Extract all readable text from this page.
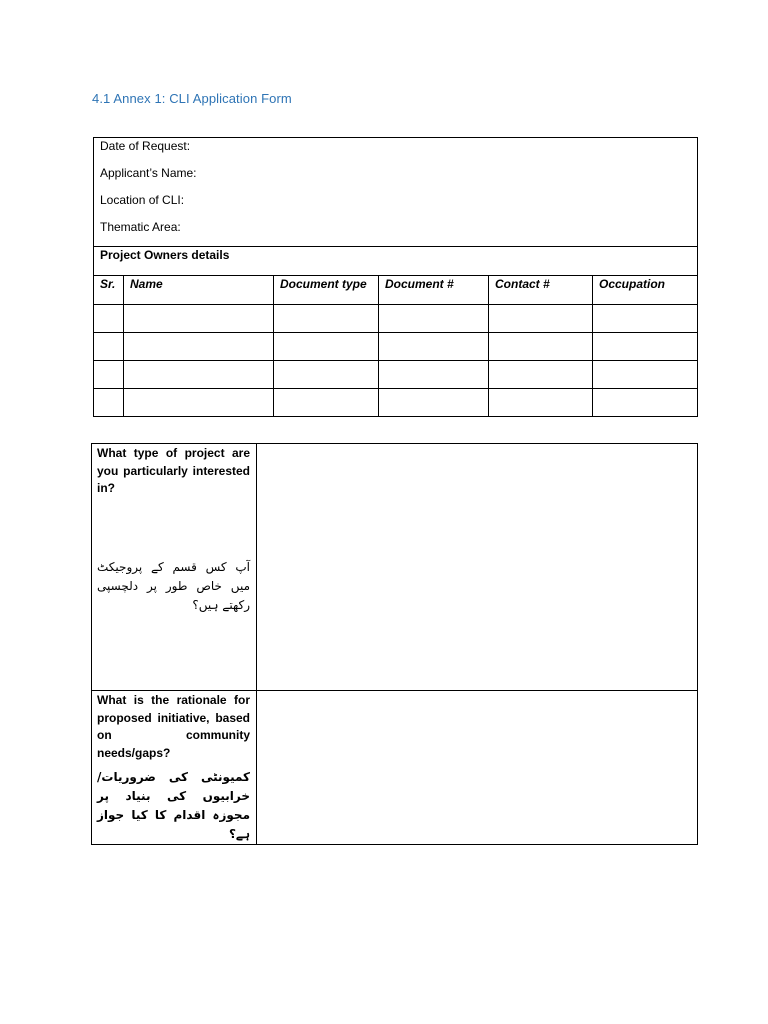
4.1 Annex 1: CLI Application Form
Date of Request:
Applicant’s Name:
Location of CLI:
Thematic Area:					

Project Owners details					
Sr.	Name	Document type	Document #	Contact #	Occupation

What type of project are you particularly interested in?
آپ کس قسم کے پروجیکٹ میں خاص طور پر دلچسپی رکھتے ہیں؟	

What is the rationale for proposed initiative, based on community needs/gaps?
کمیونٹی کی ضروریات/خرابیوں کی بنیاد پر مجوزہ اقدام کا کیا جواز ہے؟	
